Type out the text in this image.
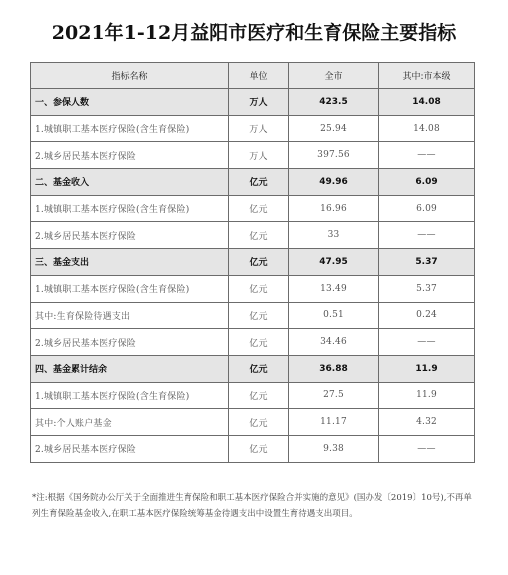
2021年1-12月益阳市医疗和生育保险主要指标
指标名称	单位	全市	其中:市本级
一、参保人数	万人	423.5	14.08
1.城镇职工基本医疗保险(含生育保险)	万人	25.94	14.08
2.城乡居民基本医疗保险	万人	397.56	——
二、基金收入	亿元	49.96	6.09
1.城镇职工基本医疗保险(含生育保险)	亿元	16.96	6.09
2.城乡居民基本医疗保险	亿元	33	——
三、基金支出	亿元	47.95	5.37
1.城镇职工基本医疗保险(含生育保险)	亿元	13.49	5.37
其中:生育保险待遇支出	亿元	0.51	0.24
2.城乡居民基本医疗保险	亿元	34.46	——
四、基金累计结余	亿元	36.88	11.9
1.城镇职工基本医疗保险(含生育保险)	亿元	27.5	11.9
其中:个人账户基金	亿元	11.17	4.32
2.城乡居民基本医疗保险	亿元	9.38	——
*注:根据《国务院办公厅关于全面推进生育保险和职工基本医疗保险合并实施的意见》(国办发〔2019〕10号),不再单列生育保险基金收入,在职工基本医疗保险统筹基金待遇支出中设置生育待遇支出项目。
